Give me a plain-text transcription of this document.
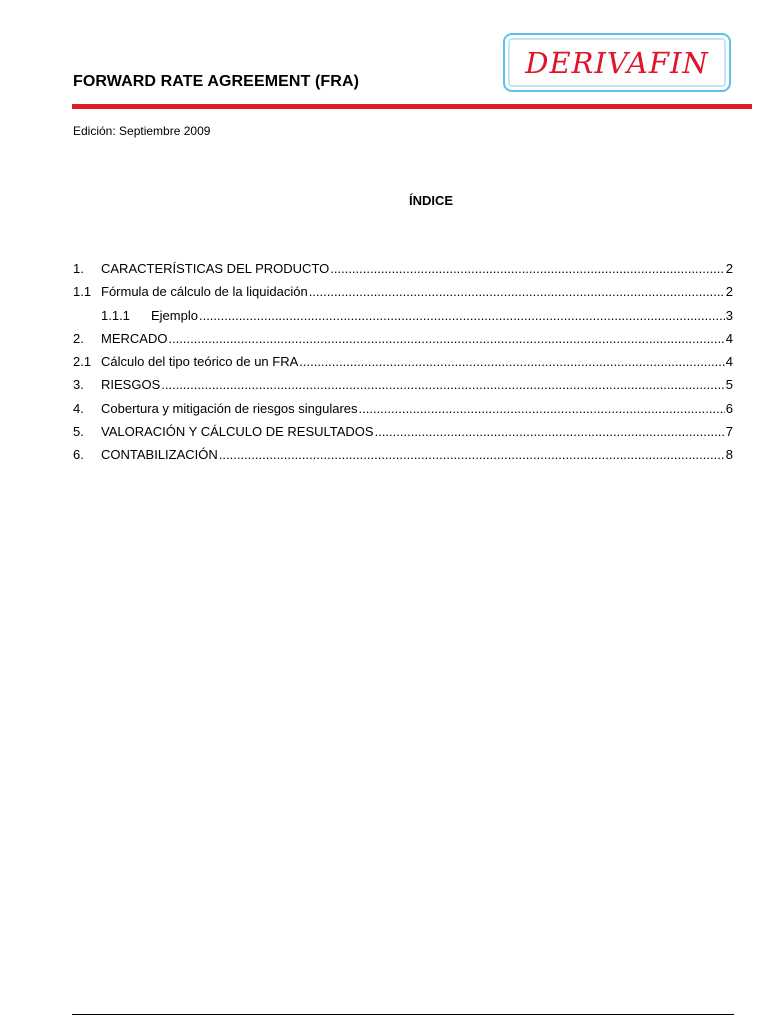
FORWARD RATE AGREEMENT (FRA)
DERIVAFIN
Edición: Septiembre 2009
ÍNDICE
1.	CARACTERÍSTICAS DEL PRODUCTO .....	2
1.1 Fórmula de cálculo de la liquidación .....	2
1.1.1	Ejemplo .....	3
2.	MERCADO .....	4
2.1 Cálculo del tipo teórico de un FRA .....	4
3.	RIESGOS .....	5
4.	Cobertura y mitigación de riesgos singulares .....	6
5.	VALORACIÓN Y CÁLCULO DE RESULTADOS .....	7
6.	CONTABILIZACIÓN .....	8
